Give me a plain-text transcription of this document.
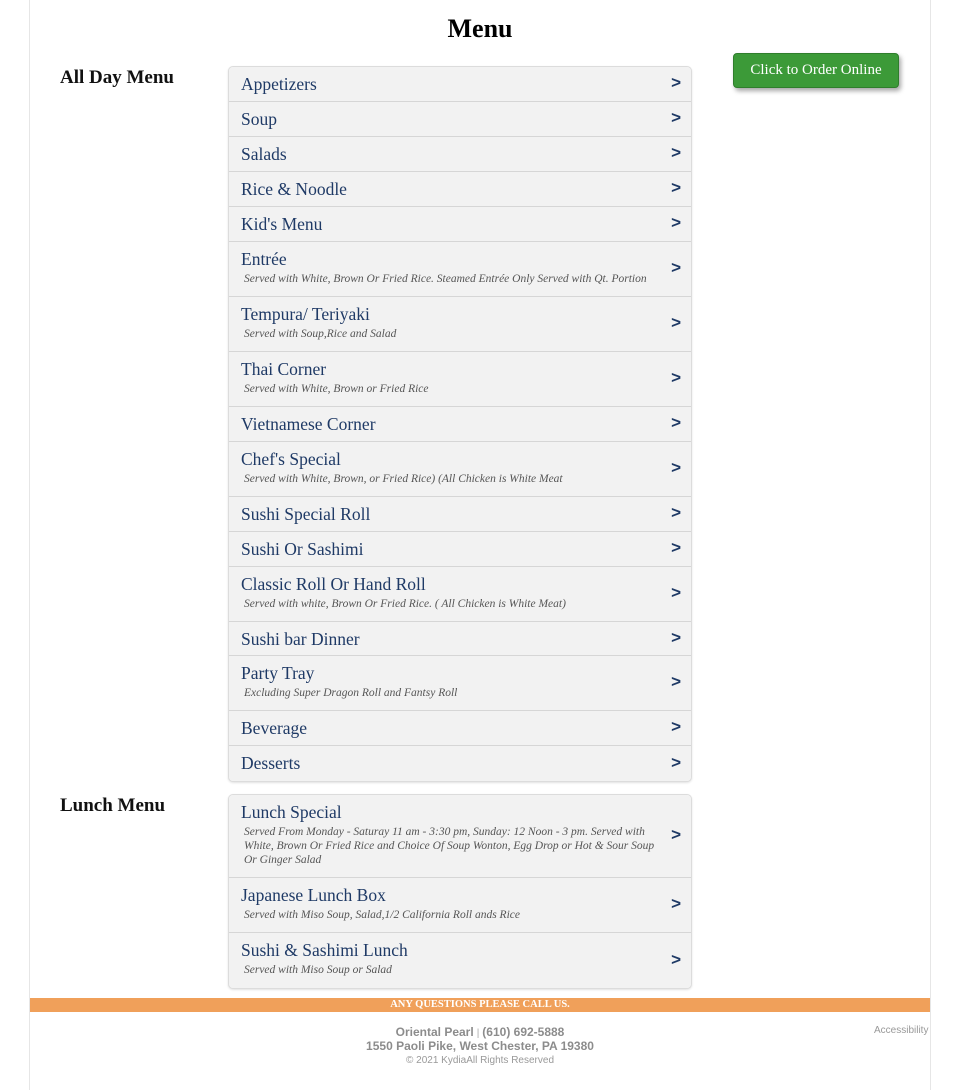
Menu
Click to Order Online
All Day Menu	Appetizers	>
Soup	>
Salads	>
Rice & Noodle	>
Kid's Menu	>
Entrée
Served with White, Brown Or Fried Rice. Steamed Entrée Only Served with Qt. Portion
>
Tempura/ Teriyaki
Served with Soup,Rice and Salad
>
Thai Corner
Served with White, Brown or Fried Rice
>
Vietnamese Corner	>
Chef's Special
Served with White, Brown, or Fried Rice) (All Chicken is White Meat
>
Sushi Special Roll	>
Sushi Or Sashimi	>
Classic Roll Or Hand Roll
Served with white, Brown Or Fried Rice. ( All Chicken is White Meat)
>
Sushi bar Dinner	>
Party Tray
Excluding Super Dragon Roll and Fantsy Roll
>
Beverage	>
Desserts	>
Lunch Menu	Lunch Special
Served From Monday - Saturay 11 am - 3:30 pm, Sunday: 12 Noon - 3 pm. Served with White, Brown Or Fried Rice and Choice Of Soup Wonton, Egg Drop or Hot & Sour Soup Or Ginger Salad
>
Japanese Lunch Box
Served with Miso Soup, Salad,1/2 California Roll ands Rice
>
Sushi & Sashimi Lunch
Served with Miso Soup or Salad
>
ANY QUESTIONS PLEASE CALL US.
Oriental Pearl | (610) 692-5888
1550 Paoli Pike, West Chester, PA 19380
© 2021 KydiaAll Rights Reserved
Accessibility
